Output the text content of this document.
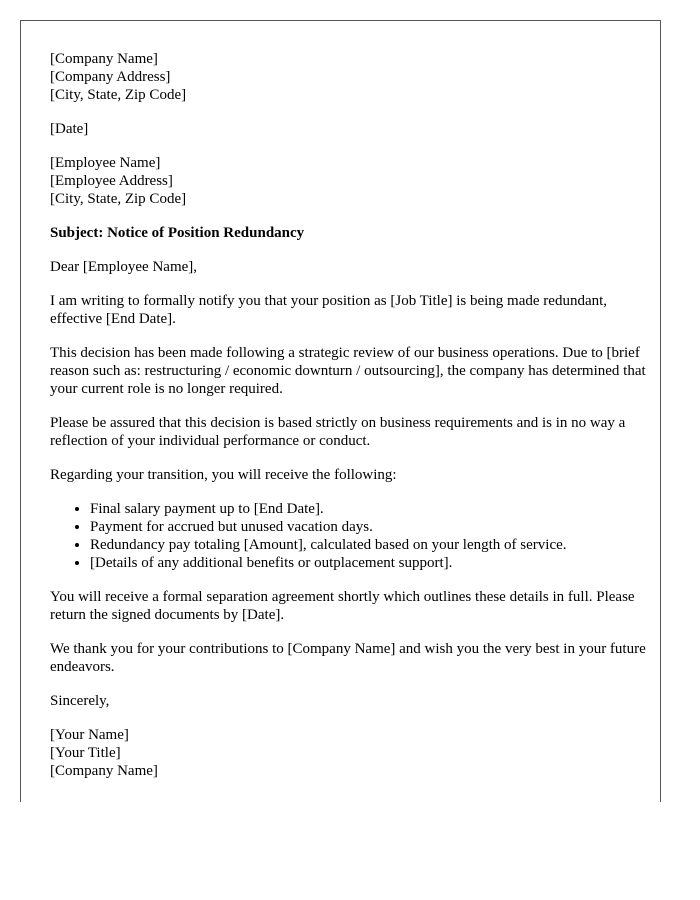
[Company Name]
[Company Address]
[City, State, Zip Code]
[Date]
[Employee Name]
[Employee Address]
[City, State, Zip Code]
Subject: Notice of Position Redundancy

Dear [Employee Name],

I am writing to formally notify you that your position as [Job Title] is being made redundant, effective [End Date].

This decision has been made following a strategic review of our business operations. Due to [brief reason such as: restructuring / economic downturn / outsourcing], the company has determined that your current role is no longer required.

Please be assured that this decision is based strictly on business requirements and is in no way a reflection of your individual performance or conduct.

Regarding your transition, you will receive the following:

• Final salary payment up to [End Date].
• Payment for accrued but unused vacation days.
• Redundancy pay totaling [Amount], calculated based on your length of service.
• [Details of any additional benefits or outplacement support].

You will receive a formal separation agreement shortly which outlines these details in full. Please return the signed documents by [Date].

We thank you for your contributions to [Company Name] and wish you the very best in your future endeavors.

Sincerely,

[Your Name]
[Your Title]
[Company Name]
